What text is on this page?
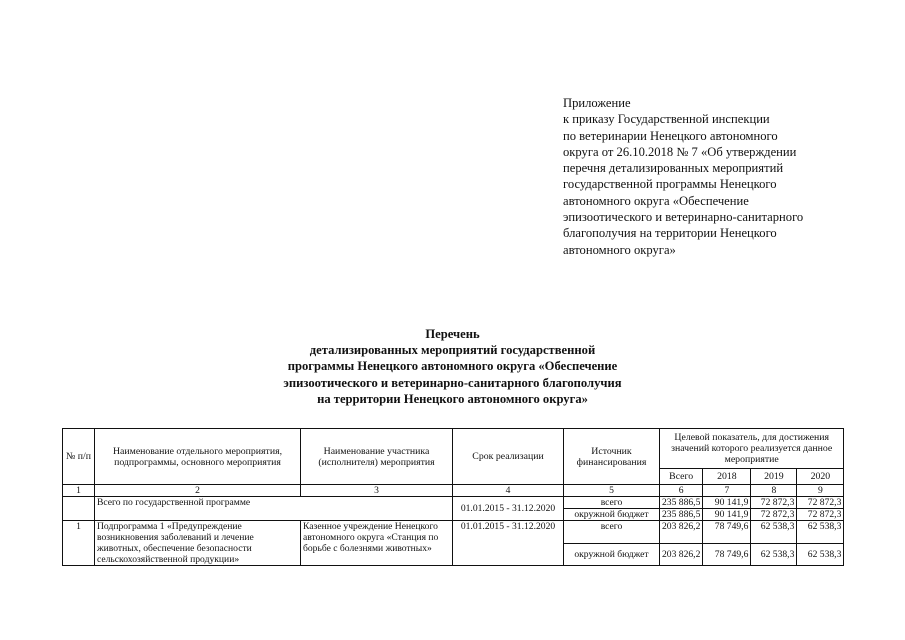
Приложение
к приказу Государственной инспекции
по ветеринарии Ненецкого автономного
округа от 26.10.2018 № 7 «Об утверждении
перечня детализированных мероприятий
государственной программы Ненецкого
автономного округа «Обеспечение
эпизоотического и ветеринарно-санитарного
благополучия на территории Ненецкого
автономного округа»
Перечень
детализированных мероприятий государственной
программы Ненецкого автономного округа «Обеспечение
эпизоотического и ветеринарно-санитарного благополучия
на территории Ненецкого автономного округа»
№ п/п	Наименование отдельного мероприятия, подпрограммы, основного мероприятия	Наименование участника (исполнителя) мероприятия	Срок реализации	Источник финансирования	Целевой показатель, для достижения значений которого реализуется данное мероприятие			
					Всего	2018	2019	2020
1	2	3	4	5	6	7	8	9
	Всего по государственной программе		01.01.2015 - 31.12.2020	всего	235 886,5	90 141,9	72 872,3	72 872,3
				окружной бюджет	235 886,5	90 141,9	72 872,3	72 872,3
1	Подпрограмма 1 «Предупреждение возникновения заболеваний и лечение животных, обеспечение безопасности сельскохозяйственной продукции»	Казенное учреждение Ненецкого автономного округа «Станция по борьбе с болезнями животных»	01.01.2015 - 31.12.2020	всего	203 826,2	78 749,6	62 538,3	62 538,3
				окружной бюджет	203 826,2	78 749,6	62 538,3	62 538,3
